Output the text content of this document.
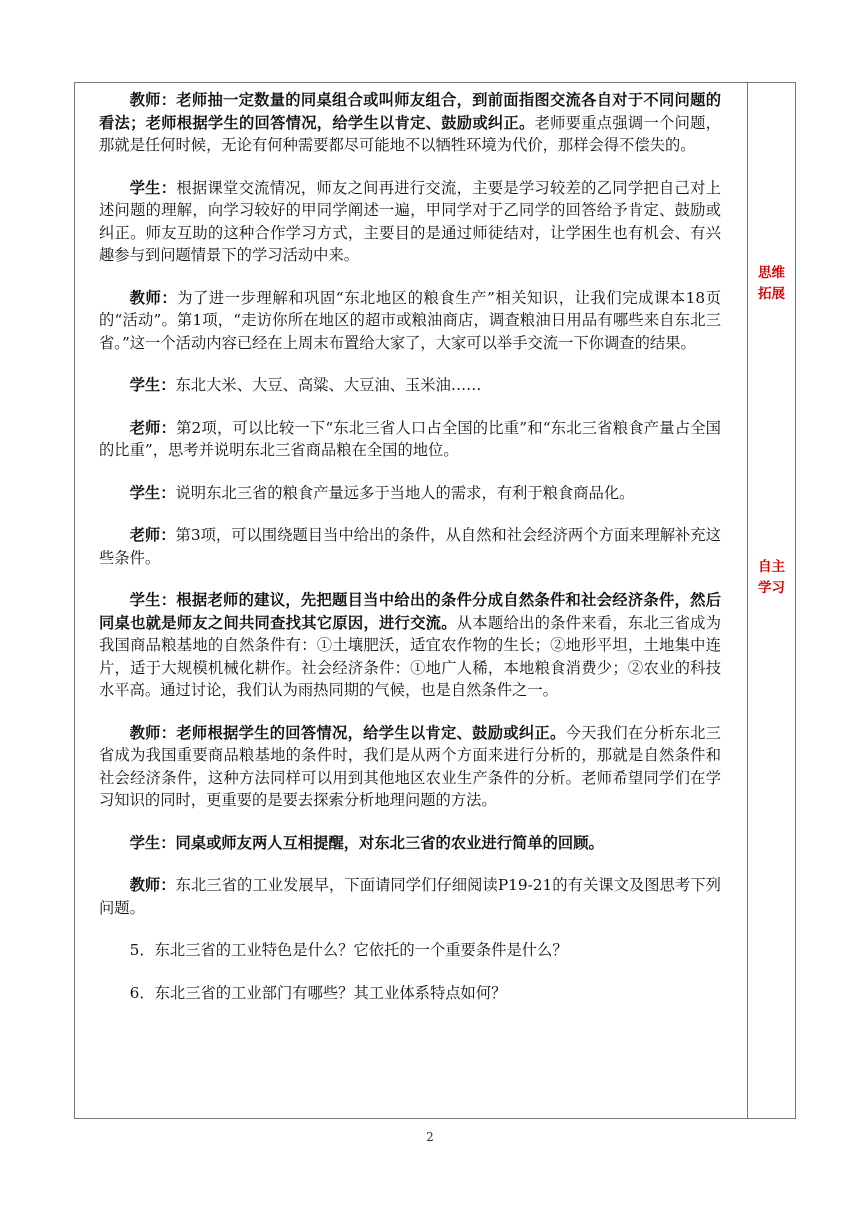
教师：老师抽一定数量的同桌组合或叫师友组合，到前面指图交流各自对于不同问题的看法；老师根据学生的回答情况，给学生以肯定、鼓励或纠正。老师要重点强调一个问题，那就是任何时候，无论有何种需要都尽可能地不以牺牲环境为代价，那样会得不偿失的。

学生：根据课堂交流情况，师友之间再进行交流，主要是学习较差的乙同学把自己对上述问题的理解，向学习较好的甲同学阐述一遍，甲同学对于乙同学的回答给予肯定、鼓励或纠正。师友互助的这种合作学习方式，主要目的是通过师徒结对，让学困生也有机会、有兴趣参与到问题情景下的学习活动中来。

教师：为了进一步理解和巩固“东北地区的粮食生产”相关知识，让我们完成课本18页的“活动”。第1项，“走访你所在地区的超市或粮油商店，调查粮油日用品有哪些来自东北三省。”这一个活动内容已经在上周末布置给大家了，大家可以举手交流一下你调查的结果。

学生：东北大米、大豆、高粱、大豆油、玉米油……

老师：第2项，可以比较一下“东北三省人口占全国的比重”和“东北三省粮食产量占全国的比重”，思考并说明东北三省商品粮在全国的地位。

学生：说明东北三省的粮食产量远多于当地人的需求，有利于粮食商品化。

老师：第3项，可以围绕题目当中给出的条件，从自然和社会经济两个方面来理解补充这些条件。

学生：根据老师的建议，先把题目当中给出的条件分成自然条件和社会经济条件，然后同桌也就是师友之间共同查找其它原因，进行交流。从本题给出的条件来看，东北三省成为我国商品粮基地的自然条件有：①土壤肥沃，适宜农作物的生长；②地形平坦，土地集中连片，适于大规模机械化耕作。社会经济条件：①地广人稀，本地粮食消费少；②农业的科技水平高。通过讨论，我们认为雨热同期的气候，也是自然条件之一。

教师：老师根据学生的回答情况，给学生以肯定、鼓励或纠正。今天我们在分析东北三省成为我国重要商品粮基地的条件时，我们是从两个方面来进行分析的，那就是自然条件和社会经济条件，这种方法同样可以用到其他地区农业生产条件的分析。老师希望同学们在学习知识的同时，更重要的是要去探索分析地理问题的方法。

学生：同桌或师友两人互相提醒，对东北三省的农业进行简单的回顾。

教师：东北三省的工业发展早，下面请同学们仔细阅读P19-21的有关课文及图思考下列问题。

5．东北三省的工业特色是什么？它依托的一个重要条件是什么？

6．东北三省的工业部门有哪些？其工业体系特点如何？

思维
拓展
自主
学习
2
